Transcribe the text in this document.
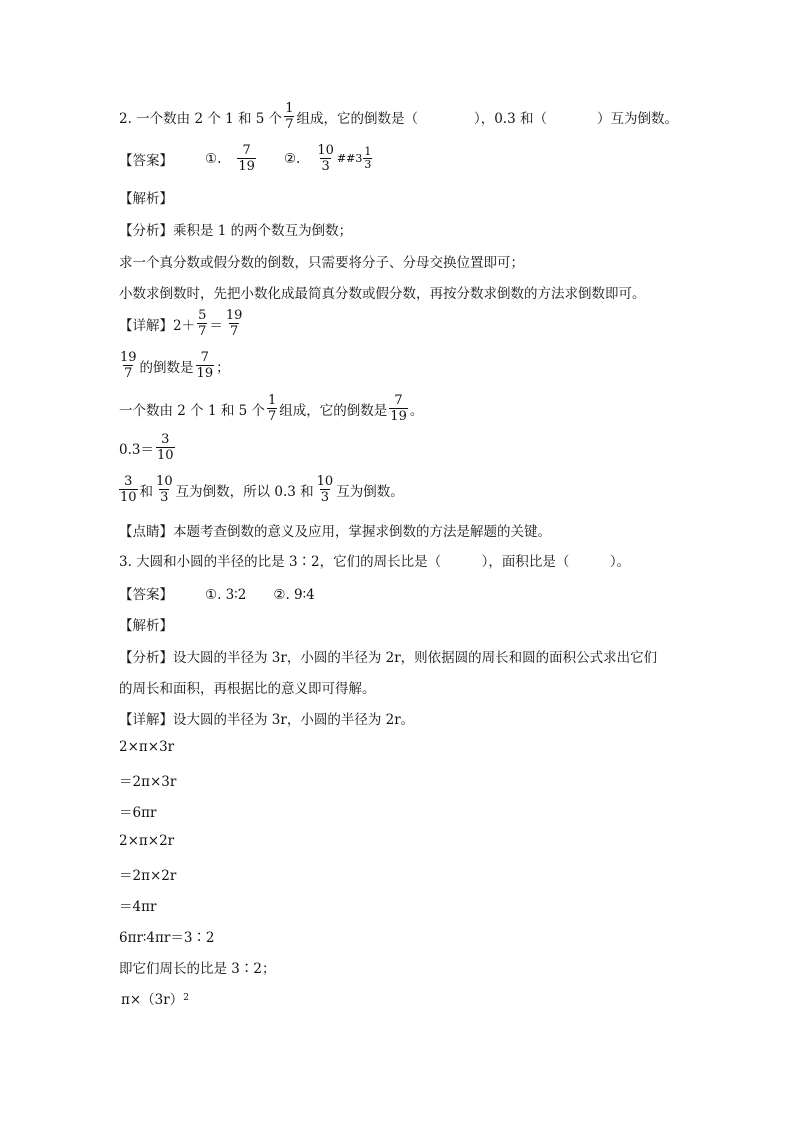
2. 一个数由 2 个 1 和 5 个 $\frac{1}{7}$ 组成，它的倒数是（	），0.3 和（	）互为倒数。
【答案】 ①. $\frac{7}{19}$ ②. $\frac{10}{3}$ ## $3 \frac{1}{3}$
【解析】
【分析】乘积是 1 的两个数互为倒数；
求一个真分数或假分数的倒数，只需要将分子、分母交换位置即可；
小数求倒数时，先把小数化成最简真分数或假分数，再按分数求倒数的方法求倒数即可。
【详解】$2+ \frac{5}{7} = \frac{19}{7}$
$\frac{19}{7}$ 的倒数是 $\frac{7}{19}$ ；
一个数由 2 个 1 和 5 个 $\frac{1}{7}$ 组成，它的倒数是 $\frac{7}{19}$ 。
$0.3= \frac{3}{10}$
$\frac{3}{10}$ 和 $\frac{10}{3}$ 互为倒数，所以 0.3 和 $\frac{10}{3}$ 互为倒数。
【点睛】本题考查倒数的意义及应用，掌握求倒数的方法是解题的关键。
3. 大圆和小圆的半径的比是 3∶2，它们的周长比是（　　　），面积比是（　　　）。
【答案】 ①. 3∶2　　②. 9∶4
【解析】
【分析】设大圆的半径为 3r，小圆的半径为 2r，则依据圆的周长和圆的面积公式求出它们
的周长和面积，再根据比的意义即可得解。
【详解】设大圆的半径为 3r，小圆的半径为 2r。
2×π×3r
＝2π×3r
＝6πr
2×π×2r
＝2π×2r
＝4πr
6πr∶4πr＝3∶2
即它们周长的比是 3∶2；
π×（3r） 2
